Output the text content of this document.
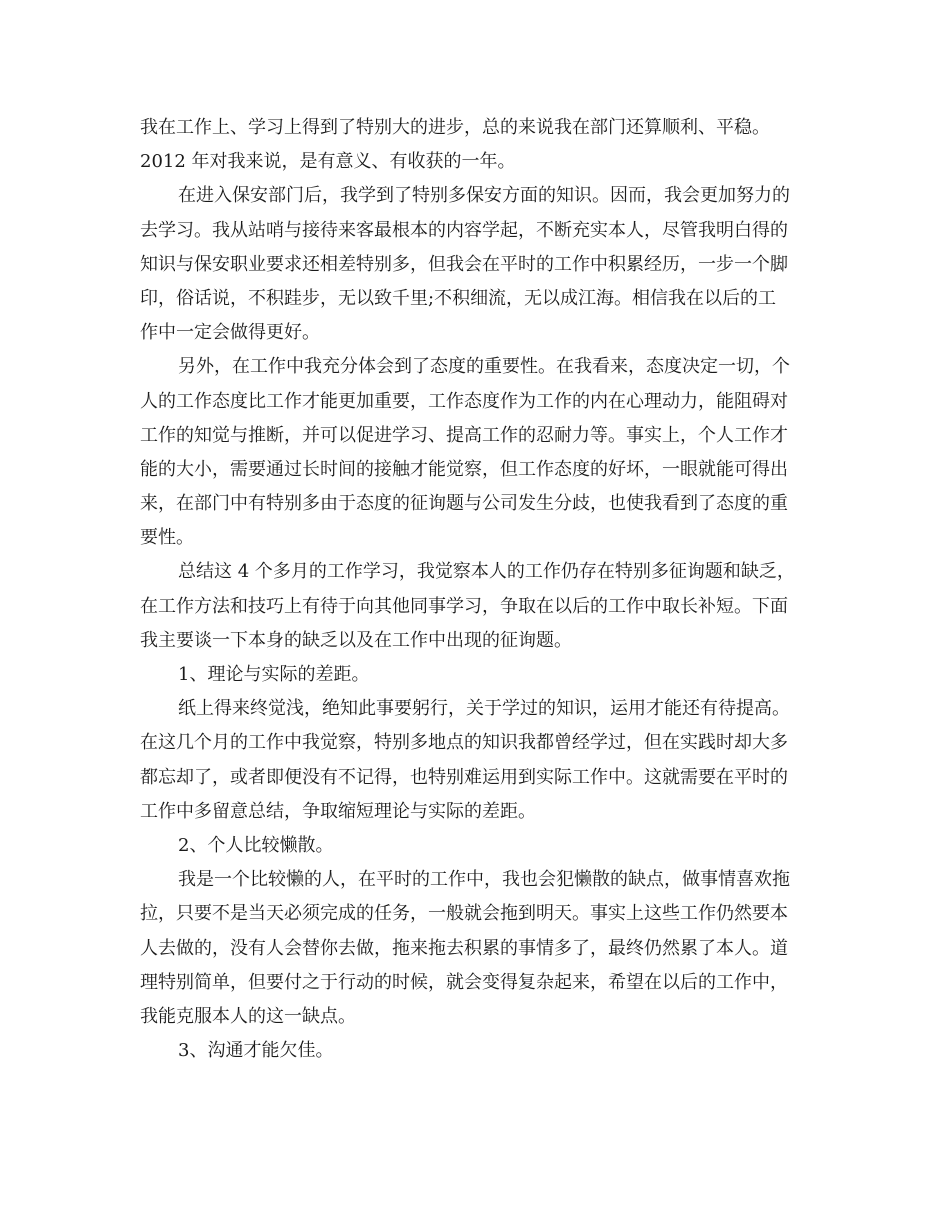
我在工作上、学习上得到了特别大的进步，总的来说我在部门还算顺利、平稳。
2012 年对我来说，是有意义、有收获的一年。
在进入保安部门后，我学到了特别多保安方面的知识。因而，我会更加努力的
去学习。我从站哨与接待来客最根本的内容学起，不断充实本人，尽管我明白得的
知识与保安职业要求还相差特别多，但我会在平时的工作中积累经历，一步一个脚
印，俗话说，不积跬步，无以致千里;不积细流，无以成江海。相信我在以后的工
作中一定会做得更好。
另外，在工作中我充分体会到了态度的重要性。在我看来，态度决定一切，个
人的工作态度比工作才能更加重要，工作态度作为工作的内在心理动力，能阻碍对
工作的知觉与推断，并可以促进学习、提高工作的忍耐力等。事实上，个人工作才
能的大小，需要通过长时间的接触才能觉察，但工作态度的好坏，一眼就能可得出
来，在部门中有特别多由于态度的征询题与公司发生分歧，也使我看到了态度的重
要性。
总结这 4 个多月的工作学习，我觉察本人的工作仍存在特别多征询题和缺乏，
在工作方法和技巧上有待于向其他同事学习，争取在以后的工作中取长补短。下面
我主要谈一下本身的缺乏以及在工作中出现的征询题。
1、理论与实际的差距。
纸上得来终觉浅，绝知此事要躬行，关于学过的知识，运用才能还有待提高。
在这几个月的工作中我觉察，特别多地点的知识我都曾经学过，但在实践时却大多
都忘却了，或者即便没有不记得，也特别难运用到实际工作中。这就需要在平时的
工作中多留意总结，争取缩短理论与实际的差距。
2、个人比较懒散。
我是一个比较懒的人，在平时的工作中，我也会犯懒散的缺点，做事情喜欢拖
拉，只要不是当天必须完成的任务，一般就会拖到明天。事实上这些工作仍然要本
人去做的，没有人会替你去做，拖来拖去积累的事情多了，最终仍然累了本人。道
理特别简单，但要付之于行动的时候，就会变得复杂起来，希望在以后的工作中，
我能克服本人的这一缺点。
3、沟通才能欠佳。
